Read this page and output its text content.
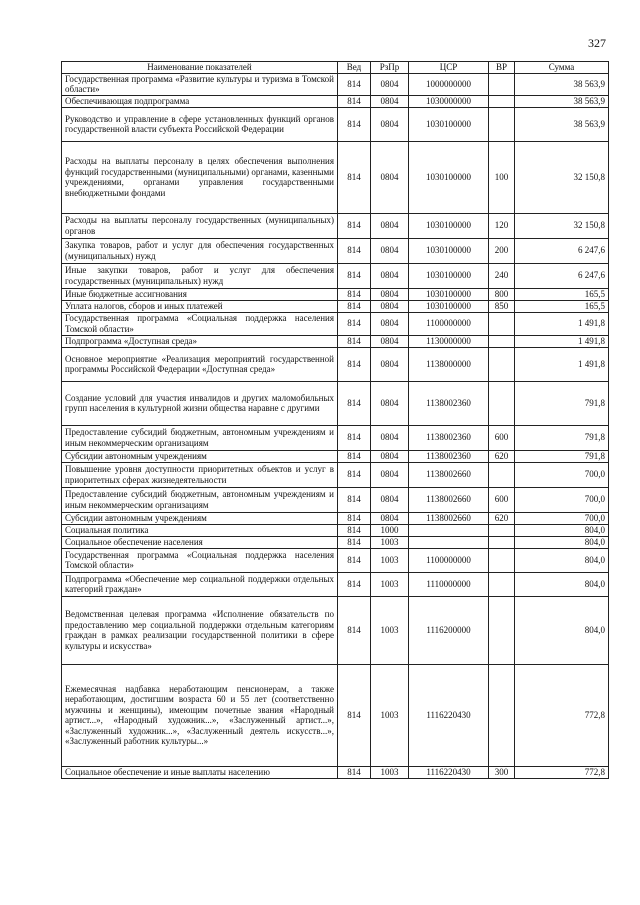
327
Наименование показателей	Вед	РзПр	ЦСР	ВР	Сумма
Государственная программа «Развитие культуры и туризма в Томской области»	814	0804	1000000000		38 563,9
Обеспечивающая подпрограмма	814	0804	1030000000		38 563,9
Руководство и управление в сфере установленных функций органов государственной власти субъекта Российской Федерации	814	0804	1030100000		38 563,9
Расходы на выплаты персоналу в целях обеспечения выполнения функций государственными (муниципальными) органами, казенными учреждениями, органами управления государственными внебюджетными фондами	814	0804	1030100000	100	32 150,8
Расходы на выплаты персоналу государственных (муниципальных) органов	814	0804	1030100000	120	32 150,8
Закупка товаров, работ и услуг для обеспечения государственных (муниципальных) нужд	814	0804	1030100000	200	6 247,6
Иные закупки товаров, работ и услуг для обеспечения государственных (муниципальных) нужд	814	0804	1030100000	240	6 247,6
Иные бюджетные ассигнования	814	0804	1030100000	800	165,5
Уплата налогов, сборов и иных платежей	814	0804	1030100000	850	165,5
Государственная программа «Социальная поддержка населения Томской области»	814	0804	1100000000		1 491,8
Подпрограмма «Доступная среда»	814	0804	1130000000		1 491,8
Основное мероприятие «Реализация мероприятий государственной программы Российской Федерации «Доступная среда»	814	0804	1138000000		1 491,8
Создание условий для участия инвалидов и других маломобильных групп населения в культурной жизни общества наравне с другими	814	0804	1138002360		791,8
Предоставление субсидий бюджетным, автономным учреждениям и иным некоммерческим организациям	814	0804	1138002360	600	791,8
Субсидии автономным учреждениям	814	0804	1138002360	620	791,8
Повышение уровня доступности приоритетных объектов и услуг в приоритетных сферах жизнедеятельности	814	0804	1138002660		700,0
Предоставление субсидий бюджетным, автономным учреждениям и иным некоммерческим организациям	814	0804	1138002660	600	700,0
Субсидии автономным учреждениям	814	0804	1138002660	620	700,0
Социальная политика	814	1000			804,0
Социальное обеспечение населения	814	1003			804,0
Государственная программа «Социальная поддержка населения Томской области»	814	1003	1100000000		804,0
Подпрограмма «Обеспечение мер социальной поддержки отдельных категорий граждан»	814	1003	1110000000		804,0
Ведомственная целевая программа «Исполнение обязательств по предоставлению мер социальной поддержки отдельным категориям граждан в рамках реализации государственной политики в сфере культуры и искусства»	814	1003	1116200000		804,0
Ежемесячная надбавка неработающим пенсионерам, а также неработающим, достигшим возраста 60 и 55 лет (соответственно мужчины и женщины), имеющим почетные звания «Народный артист...», «Народный художник...», «Заслуженный артист...», «Заслуженный художник...», «Заслуженный деятель искусств...», «Заслуженный работник культуры...»	814	1003	1116220430		772,8
Социальное обеспечение и иные выплаты населению	814	1003	1116220430	300	772,8
